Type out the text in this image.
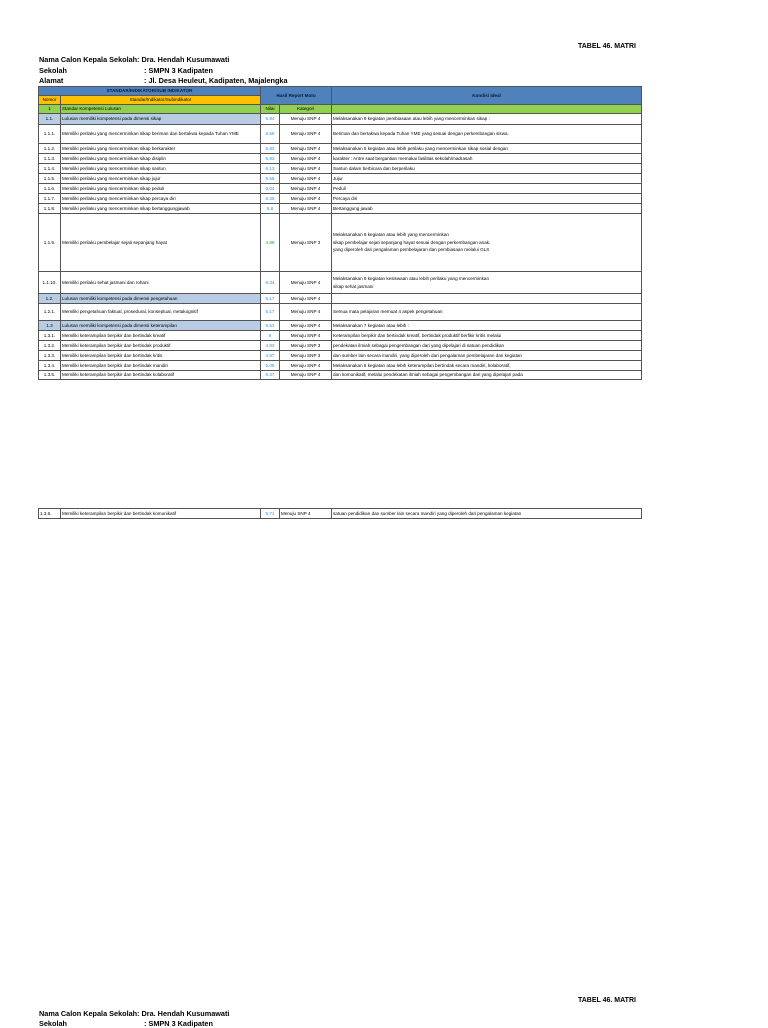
TABEL 46. MATRI
Nama Calon Kepala Sekolah : Dra. Hendah Kusumawati
Sekolah	: SMPN 3 Kadipaten
Alamat	: Jl. Desa Heuleut, Kadipaten, Majalengka
STANDAR/INDIKATOR/SUB INDIKATOR		Hasil Report Mutu		Kondisi Ideal
Nomor	Standar/Indikator/Subindikator			
1	Standar Kompetensi Lulusan	Nilai	Kategori	
1.1.	Lulusan memiliki kompetensi pada dimensi sikap	5.94	Menuju SNP 4	Melaksanakan 9 kegiatan pembiasaan atau lebih yang mencerminkan sikap :

1.1.1.	Memiliki perilaku yang mencerminkan sikap beriman dan bertakwa kepada Tuhan YME	6.59	Menuju SNP 4	Beriman dan bertakwa kepada Tuhan YME yang sesuai dengan perkembangan siswa.

1.1.2.	Memiliki perilaku yang mencerminkan sikap berkarakter	5.83	Menuju SNP 4	Melaksanakan 5 kegiatan atau lebih perilaku yang mencerminkan sikap sosial dengan

1.1.3.	Memiliki perilaku yang mencerminkan sikap disiplin	5.93	Menuju SNP 4	karakter : Antre saat bergantian memakai fasilitas sekolah/madrasah

1.1.4.	Memiliki perilaku yang mencerminkan sikap santun	6.13	Menuju SNP 4	Santun dalam berbicara dan berperilaku

1.1.5.	Memiliki perilaku yang mencerminkan sikap jujur	5.55	Menuju SNP 4	Jujur

1.1.6.	Memiliki perilaku yang mencerminkan sikap peduli	6.04	Menuju SNP 4	Peduli

1.1.7.	Memiliki perilaku yang mencerminkan sikap percaya diri	5.36	Menuju SNP 4	Percaya diri

1.1.8.	Memiliki perilaku yang mencerminkan sikap bertanggungjawab	5.8	Menuju SNP 4	Bertanggung jawab

1.1.9.	Memiliki perilaku pembelajar sejati sepanjang hayat	4.89	Menuju SNP 3	Melaksanakan 6 kegiatan atau lebih yang mencerminkan
sikap pembelajar sejati sepanjang hayat sesuai dengan perkembangan anak,
yang diperoleh dari pengalaman pembelajaran dan pembiasaan melalui GLS

1.1.10.	Memiliki perilaku sehat jasmani dan rohani	6.34	Menuju SNP 4	Melaksanakan 6 kegiatan kesiswaan atau lebih perilaku yang mencerminkan
sikap sehat jasmani

1.2.	Lulusan memiliki kompetensi pada dimensi pengetahuan	5.17	Menuju SNP 4	

1.2.1.	Memiliki pengetahuan faktual, prosedural, konseptual, metakognitif	5.17	Menuju SNP 4	Semua mata pelajaran memuat 4 aspek pengetahuan

1.3	Lulusan memiliki kompetensi pada dimensi keterampilan	5.53	Menuju SNP 4	Melaksanakan 7 kegiatan atau lebih :

1.3.1.	Memiliki keterampilan berpikir dan bertindak kreatif	6	Menuju SNP 4	Keterampilan berpikir dan bertindak kreatif, bertindak produktif berfikir kritis melalui

1.3.2.	Memiliki keterampilan berpikir dan bertindak produktif	4.83	Menuju SNP 3	pendekatan ilmiah sebagai pengembangan dari yang dipelajari di satuan pendidikan

1.3.3.	Memiliki keterampilan berpikir dan bertindak kritis	4.87	Menuju SNP 3	dan sumber lain secara mandiri, yang diperoleh dari pengalaman pembelajaran dan kegiatan

1.3.4.	Memiliki keterampilan berpikir dan bertindak mandiri	5.05	Menuju SNP 4	Melaksanakan 6 kegiatan atau lebih keterampilan bertindak secara mandiri, kolaboratif,

1.3.5.	Memiliki keterampilan berpikir dan bertindak kolaboratif	5.37	Menuju SNP 4	dan komunikatif, melalui pendekatan ilmiah sebagai pengembangan dari yang dipelajari pada
1.3.6.	Memiliki keterampilan berpikir dan bertindak komunikatif	5.71	Menuju SNP 4	satuan pendidikan dan sumber lain secara mandiri yang diperoleh dari pengalaman kegiatan
TABEL 46. MATRI
Nama Calon Kepala Sekolah : Dra. Hendah Kusumawati
Sekolah	: SMPN 3 Kadipaten
